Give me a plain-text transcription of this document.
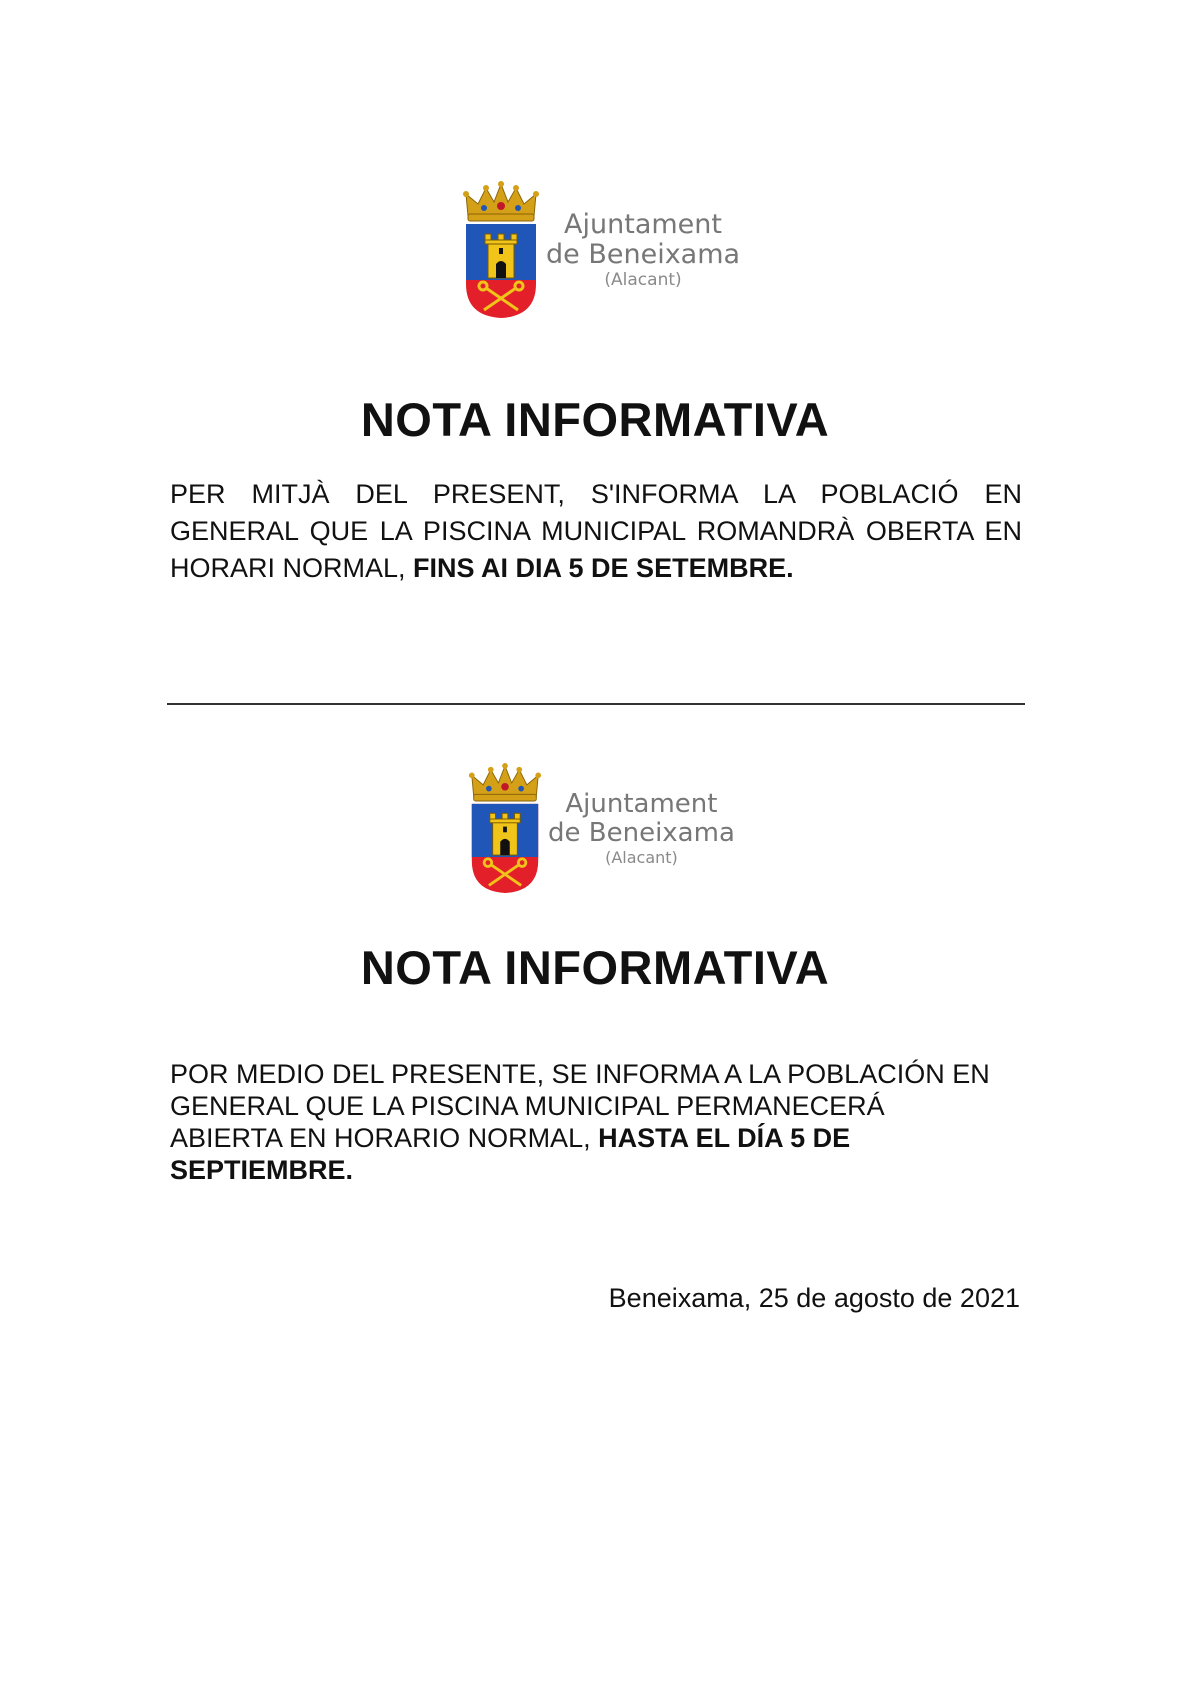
Ajuntament
de Beneixama
(Alacant)
NOTA INFORMATIVA

PER MITJÀ DEL PRESENT, S'INFORMA LA POBLACIÓ EN GENERAL QUE LA PISCINA MUNICIPAL ROMANDRÀ OBERTA EN HORARI NORMAL, FINS AI DIA 5 DE SETEMBRE.

Ajuntament
de Beneixama
(Alacant)
NOTA INFORMATIVA

POR MEDIO DEL PRESENTE, SE INFORMA A LA POBLACIÓN EN GENERAL QUE LA PISCINA MUNICIPAL PERMANECERÁ ABIERTA EN HORARIO NORMAL, HASTA EL DÍA 5 DE SEPTIEMBRE.

Beneixama, 25 de agosto de 2021
